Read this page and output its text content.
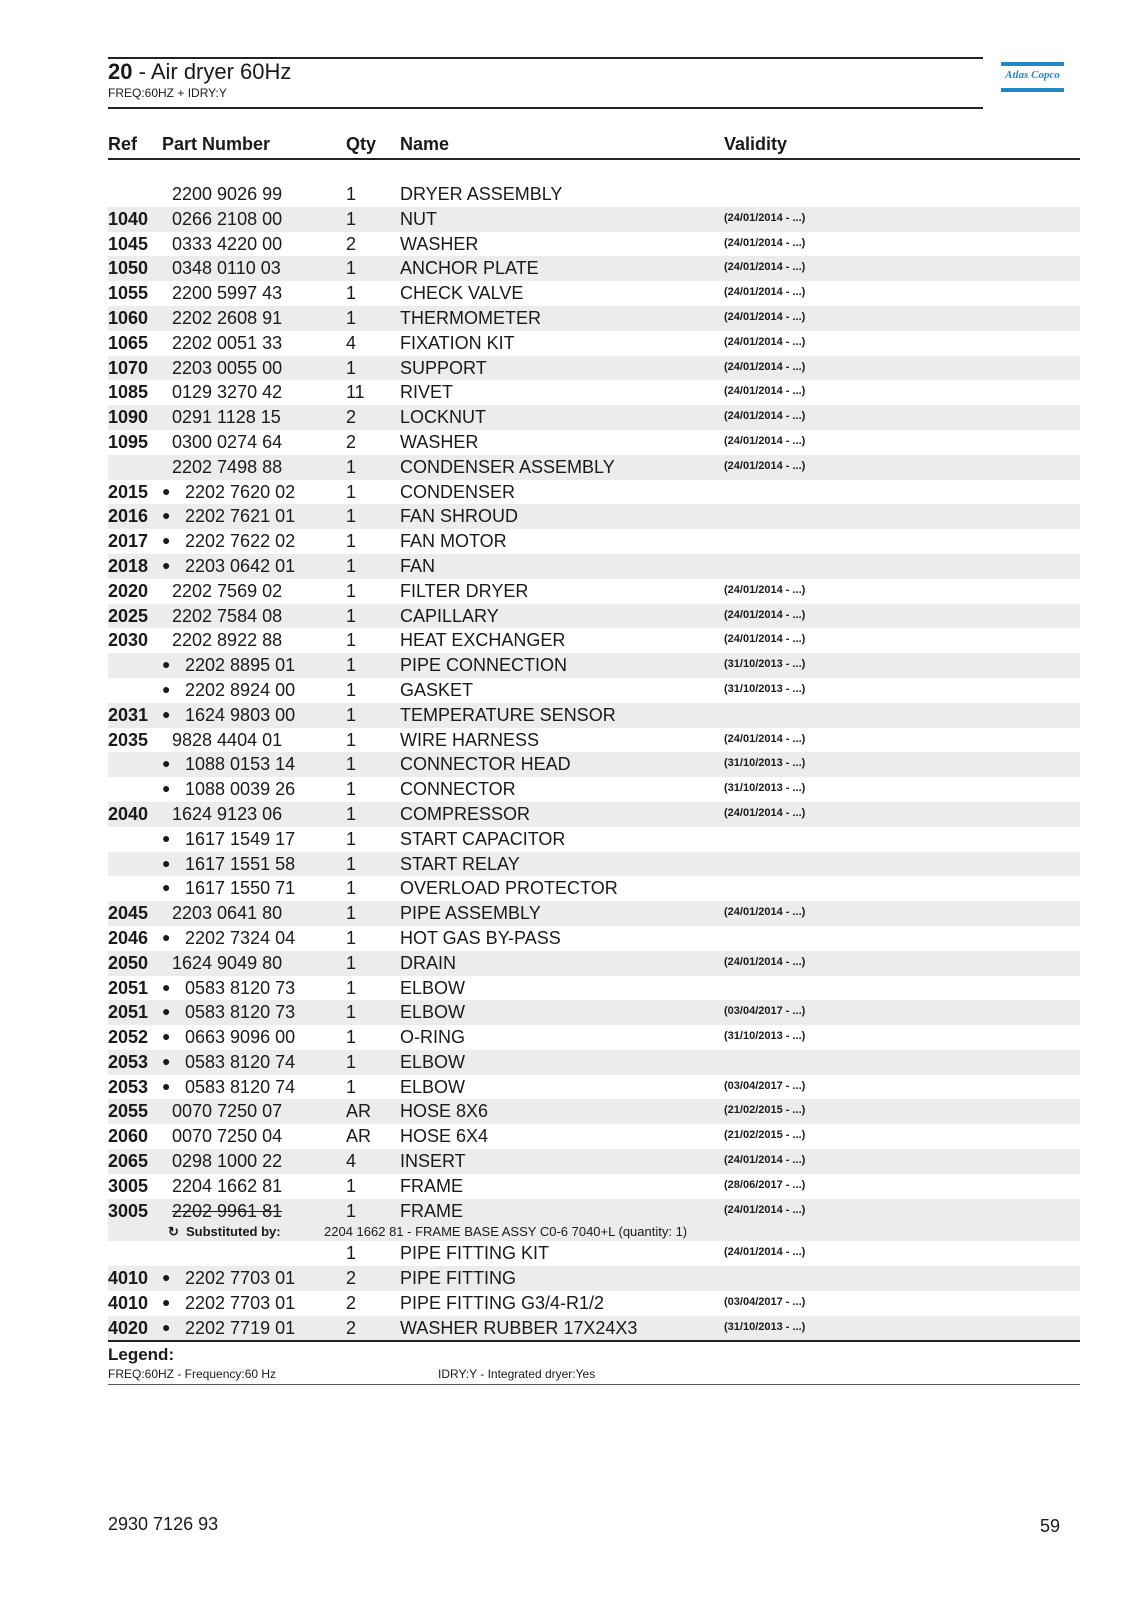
20 - Air dryer 60Hz
FREQ:60HZ + IDRY:Y
Atlas Copco
Ref Part Number	Qty Name	Validity
2200 9026 99	1 DRYER ASSEMBLY
1040 0266 2108 00	1 NUT	(24/01/2014 - ...)
1045 0333 4220 00	2 WASHER	(24/01/2014 - ...)
1050 0348 0110 03	1 ANCHOR PLATE	(24/01/2014 - ...)
1055 2200 5997 43	1 CHECK VALVE	(24/01/2014 - ...)
1060 2202 2608 91	1 THERMOMETER	(24/01/2014 - ...)
1065 2202 0051 33	4 FIXATION KIT	(24/01/2014 - ...)
1070 2203 0055 00	1 SUPPORT	(24/01/2014 - ...)
1085 0129 3270 42	11 RIVET	(24/01/2014 - ...)
1090 0291 1128 15	2 LOCKNUT	(24/01/2014 - ...)
1095 0300 0274 64	2 WASHER	(24/01/2014 - ...)
2202 7498 88	1 CONDENSER ASSEMBLY	(24/01/2014 - ...)
2015 ● 2202 7620 02	1 CONDENSER
2016 ● 2202 7621 01	1 FAN SHROUD
2017 ● 2202 7622 02	1 FAN MOTOR
2018 ● 2203 0642 01	1 FAN
2020 2202 7569 02	1 FILTER DRYER	(24/01/2014 - ...)
2025 2202 7584 08	1 CAPILLARY	(24/01/2014 - ...)
2030 2202 8922 88	1 HEAT EXCHANGER	(24/01/2014 - ...)
● 2202 8895 01	1 PIPE CONNECTION	(31/10/2013 - ...)
● 2202 8924 00	1 GASKET	(31/10/2013 - ...)
2031 ● 1624 9803 00	1 TEMPERATURE SENSOR
2035 9828 4404 01	1 WIRE HARNESS	(24/01/2014 - ...)
● 1088 0153 14	1 CONNECTOR HEAD	(31/10/2013 - ...)
● 1088 0039 26	1 CONNECTOR	(31/10/2013 - ...)
2040 1624 9123 06	1 COMPRESSOR	(24/01/2014 - ...)
● 1617 1549 17	1 START CAPACITOR
● 1617 1551 58	1 START RELAY
● 1617 1550 71	1 OVERLOAD PROTECTOR
2045 2203 0641 80	1 PIPE ASSEMBLY	(24/01/2014 - ...)
2046 ● 2202 7324 04	1 HOT GAS BY-PASS
2050 1624 9049 80	1 DRAIN	(24/01/2014 - ...)
2051 ● 0583 8120 73	1 ELBOW
2051 ● 0583 8120 73	1 ELBOW	(03/04/2017 - ...)
2052 ● 0663 9096 00	1 O-RING	(31/10/2013 - ...)
2053 ● 0583 8120 74	1 ELBOW
2053 ● 0583 8120 74	1 ELBOW	(03/04/2017 - ...)
2055 0070 7250 07	AR HOSE 8X6	(21/02/2015 - ...)
2060 0070 7250 04	AR HOSE 6X4	(21/02/2015 - ...)
2065 0298 1000 22	4 INSERT	(24/01/2014 - ...)
3005 2204 1662 81	1 FRAME	(28/06/2017 - ...)
3005 2202 9961 81	1 FRAME	(24/01/2014 - ...)
↻ Substituted by:	2204 1662 81 - FRAME BASE ASSY C0-6 7040+L (quantity: 1)
1 PIPE FITTING KIT	(24/01/2014 - ...)
4010 ● 2202 7703 01	2 PIPE FITTING
4010 ● 2202 7703 01	2 PIPE FITTING G3/4-R1/2	(03/04/2017 - ...)
4020 ● 2202 7719 01	2 WASHER RUBBER 17X24X3	(31/10/2013 - ...)
Legend:
FREQ:60HZ - Frequency:60 Hz	IDRY:Y - Integrated dryer:Yes
2930 7126 93	59
